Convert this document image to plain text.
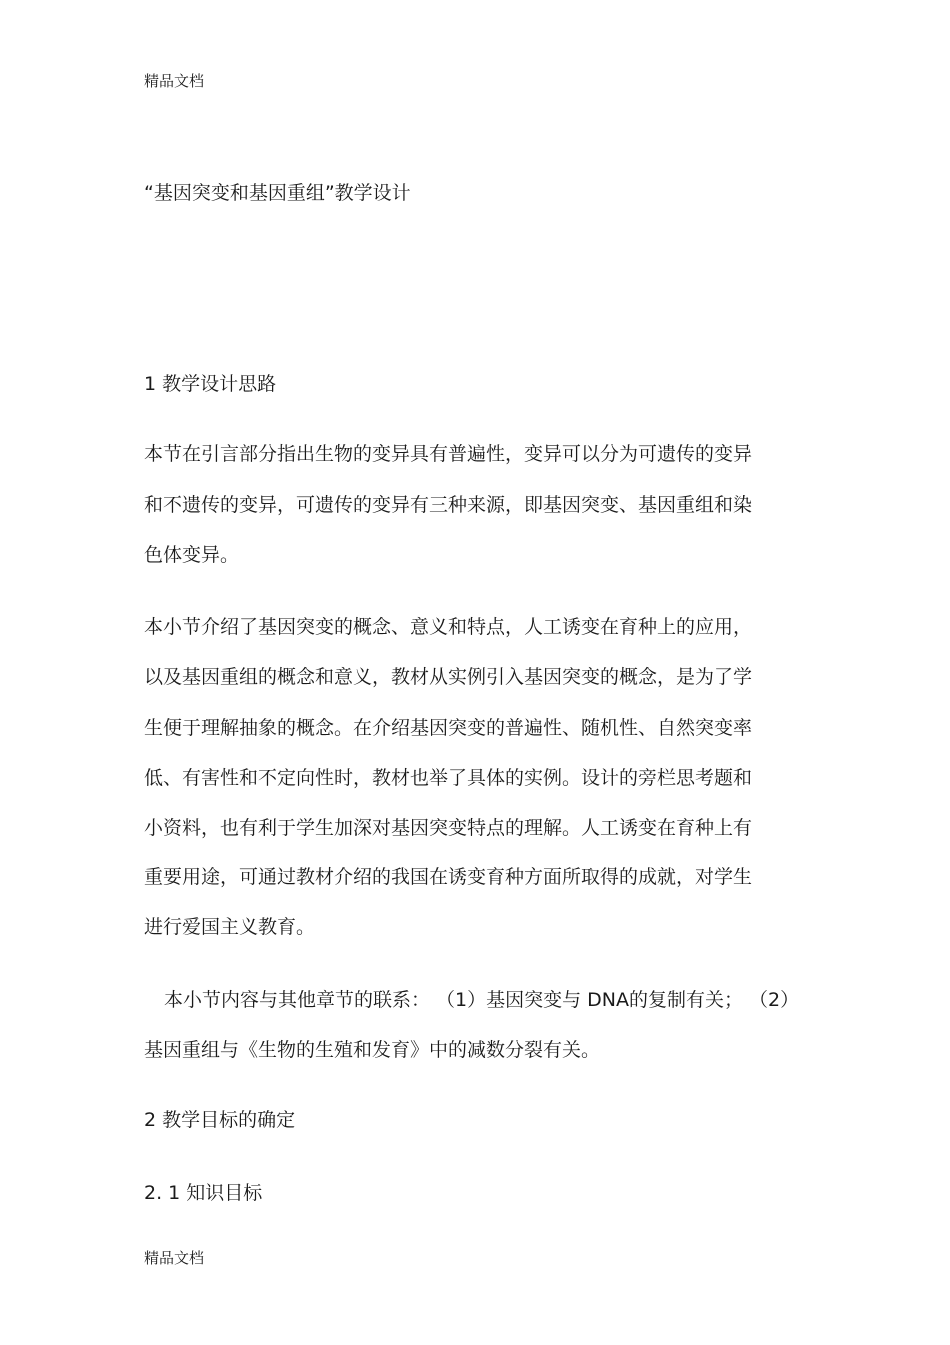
精品文档

“基因突变和基因重组”教学设计

1 教学设计思路

本节在引言部分指出生物的变异具有普遍性，变异可以分为可遗传的变异

和不遗传的变异，可遗传的变异有三种来源，即基因突变、基因重组和染

色体变异。

本小节介绍了基因突变的概念、意义和特点，人工诱变在育种上的应用，

以及基因重组的概念和意义，教材从实例引入基因突变的概念，是为了学

生便于理解抽象的概念。在介绍基因突变的普遍性、随机性、自然突变率

低、有害性和不定向性时，教材也举了具体的实例。设计的旁栏思考题和

小资料，也有利于学生加深对基因突变特点的理解。人工诱变在育种上有

重要用途，可通过教材介绍的我国在诱变育种方面所取得的成就，对学生

进行爱国主义教育。

本小节内容与其他章节的联系： （1）基因突变与 DNA的复制有关； （2）

基因重组与《生物的生殖和发育》中的减数分裂有关。

2 教学目标的确定

2. 1 知识目标

精品文档
